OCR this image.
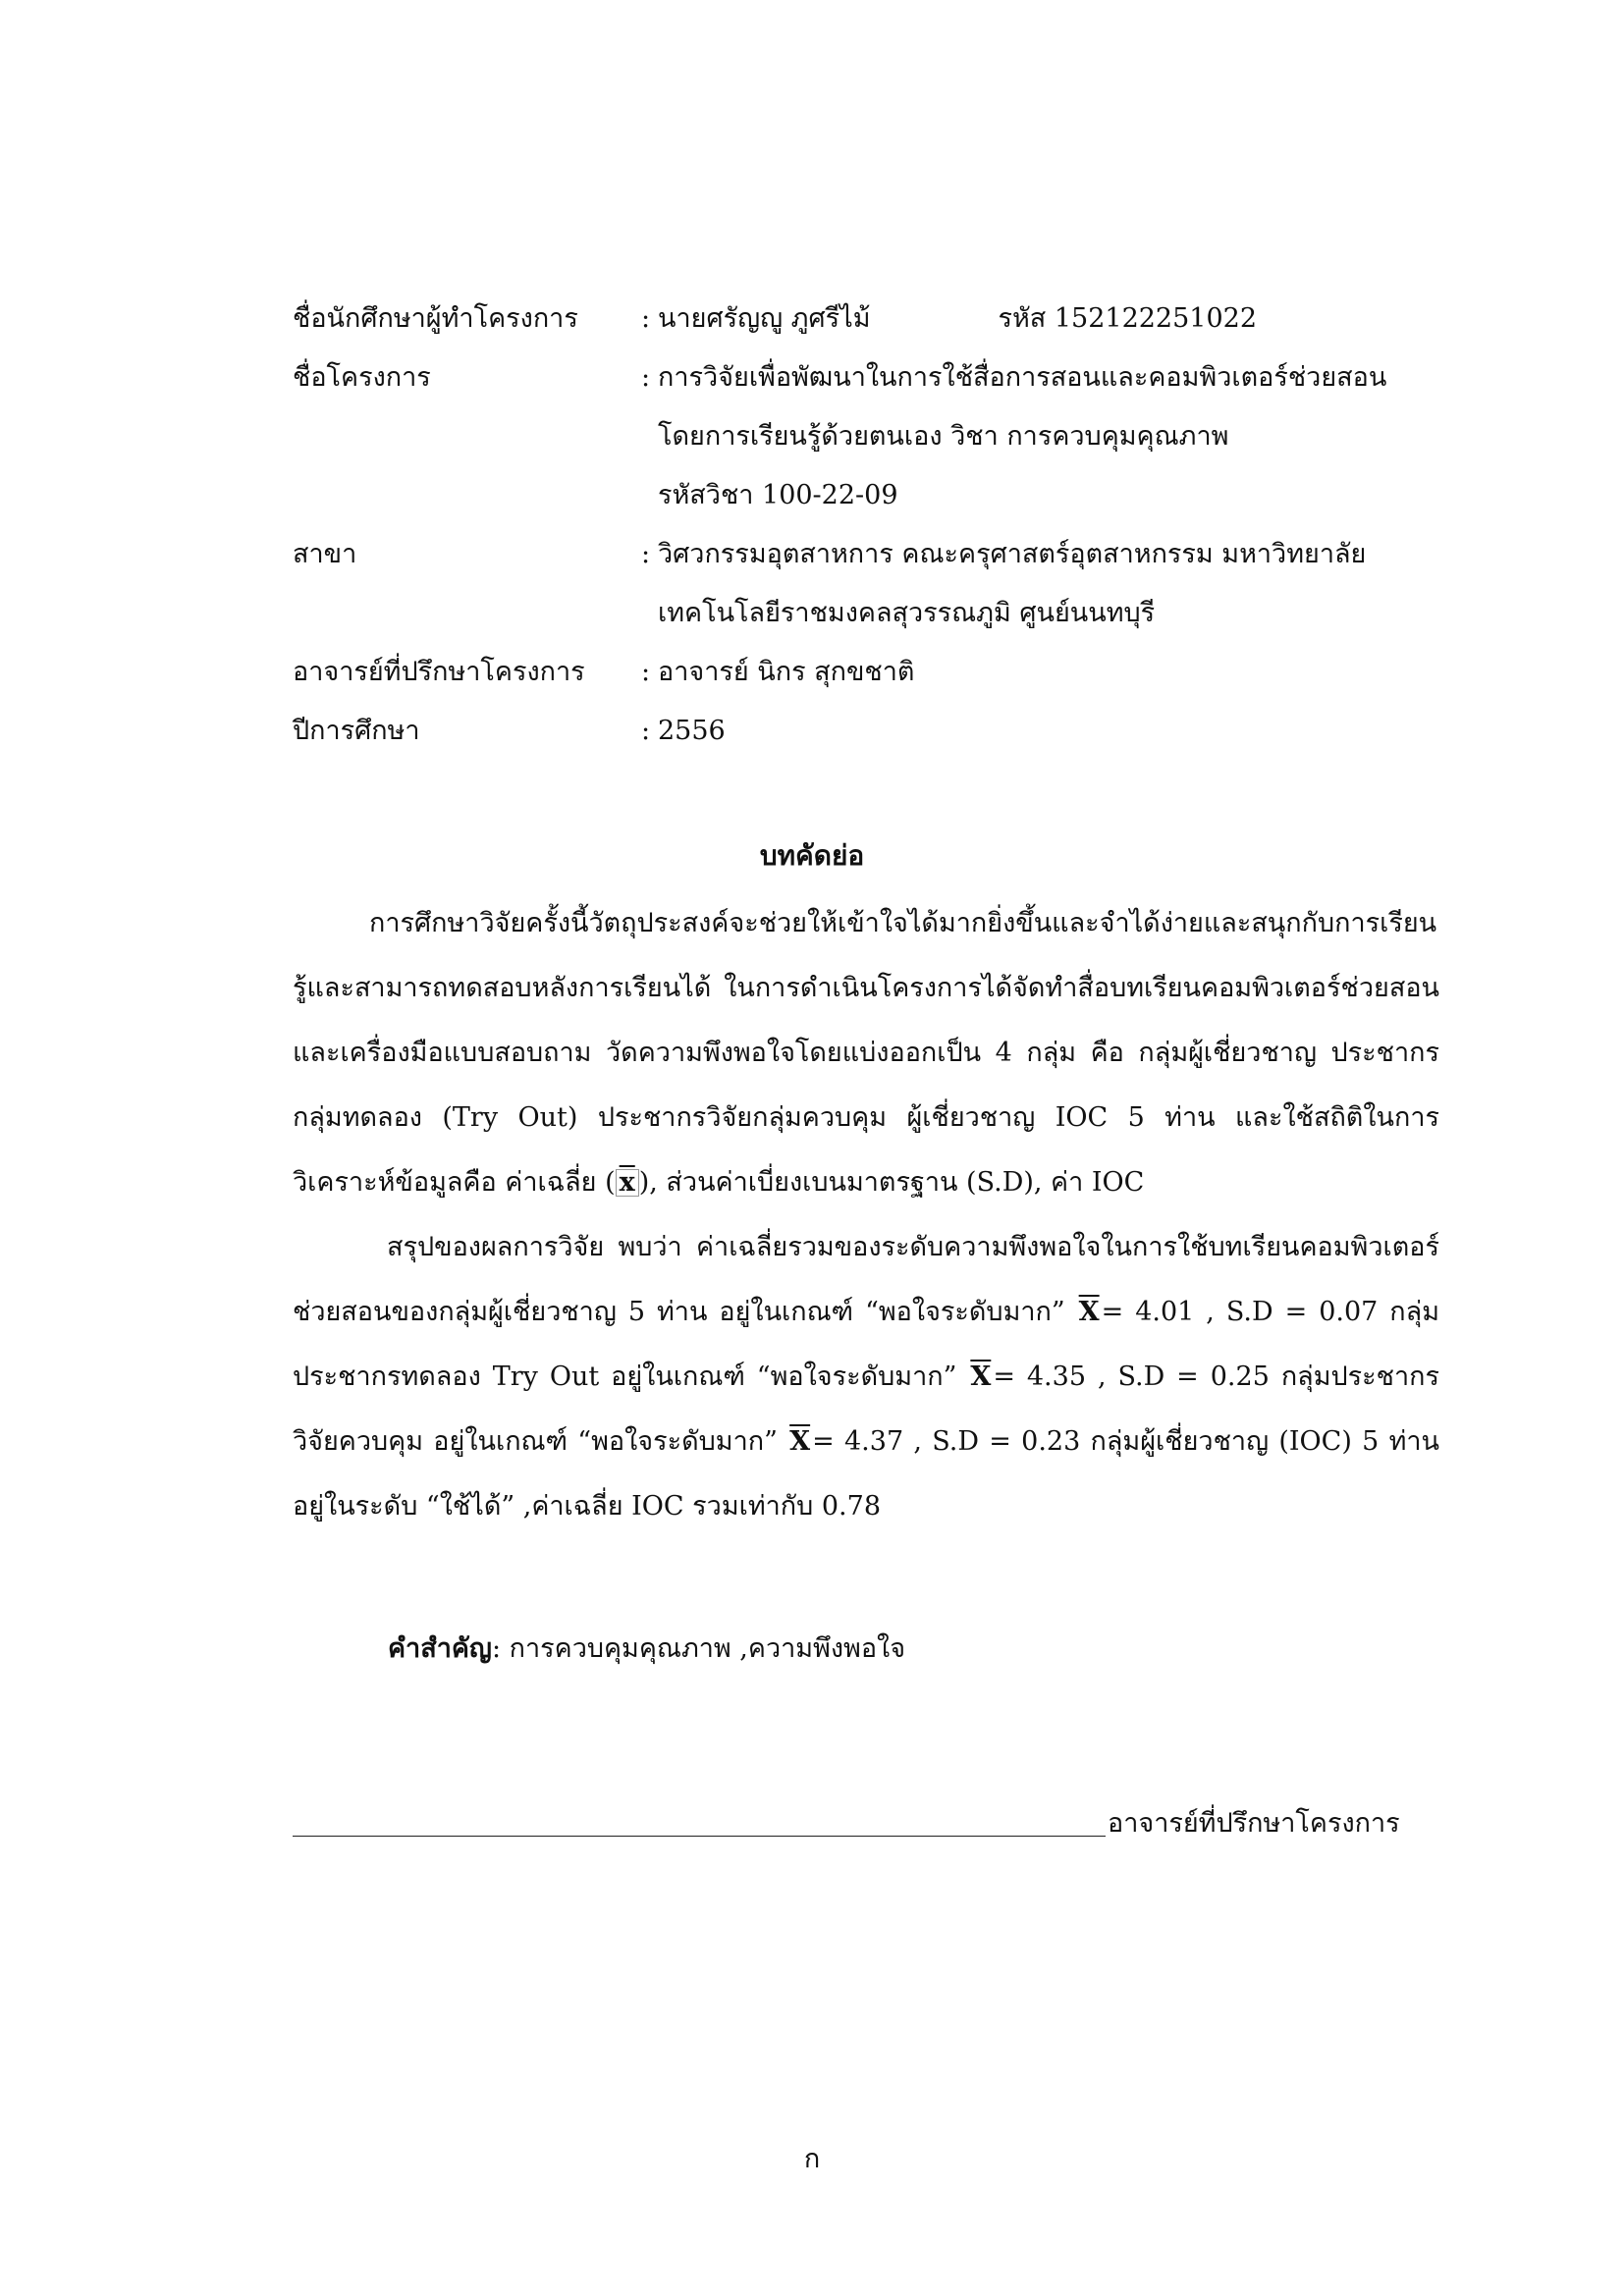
ชื่อนักศึกษาผู้ทำโครงการ	: นายศรัญญู ภูศรีไม้	รหัส 152122251022
ชื่อโครงการ	: การวิจัยเพื่อพัฒนาในการใช้สื่อการสอนและคอมพิวเตอร์ช่วยสอน
โดยการเรียนรู้ด้วยตนเอง วิชา การควบคุมคุณภาพ
รหัสวิชา 100-22-09
สาขา	: วิศวกรรมอุตสาหการ คณะครุศาสตร์อุตสาหกรรม มหาวิทยาลัย
เทคโนโลยีราชมงคลสุวรรณภูมิ ศูนย์นนทบุรี
อาจารย์ที่ปรึกษาโครงการ	: อาจารย์ นิกร สุกขชาติ
ปีการศึกษา	: 2556
บทคัดย่อ

การศึกษาวิจัยครั้งนี้วัตถุประสงค์จะช่วยให้เข้าใจได้มากยิ่งขึ้นและจำได้ง่ายและสนุกกับการเรียนรู้และสามารถทดสอบหลังการเรียนได้ ในการดำเนินโครงการได้จัดทำสื่อบทเรียนคอมพิวเตอร์ช่วยสอนและเครื่องมือแบบสอบถาม วัดความพึงพอใจโดยแบ่งออกเป็น 4 กลุ่ม คือ กลุ่มผู้เชี่ยวชาญ ประชากรกลุ่มทดลอง (Try Out) ประชากรวิจัยกลุ่มควบคุม ผู้เชี่ยวชาญ IOC 5 ท่าน และใช้สถิติในการวิเคราะห์ข้อมูลคือ ค่าเฉลี่ย ( $\overline{x}$ ), ส่วนค่าเบี่ยงเบนมาตรฐาน (S.D), ค่า IOC

สรุปของผลการวิจัย พบว่า ค่าเฉลี่ยรวมของระดับความพึงพอใจในการใช้บทเรียนคอมพิวเตอร์ช่วยสอนของกลุ่มผู้เชี่ยวชาญ 5 ท่าน อยู่ในเกณฑ์ “พอใจระดับมาก” $\overline{X}= 4.01$ , S.D = 0.07 กลุ่มประชากรทดลอง Try Out อยู่ในเกณฑ์ “พอใจระดับมาก” $\overline{X}= 4.35$ , S.D = 0.25 กลุ่มประชากรวิจัยควบคุม อยู่ในเกณฑ์ “พอใจระดับมาก” $\overline{X}= 4.37$ , S.D = 0.23 กลุ่มผู้เชี่ยวชาญ (IOC) 5 ท่าน อยู่ในระดับ “ใช้ได้” ,ค่าเฉลี่ย IOC รวมเท่ากับ 0.78

คำสำคัญ: การควบคุมคุณภาพ ,ความพึงพอใจ
อาจารย์ที่ปรึกษาโครงการ
ก
